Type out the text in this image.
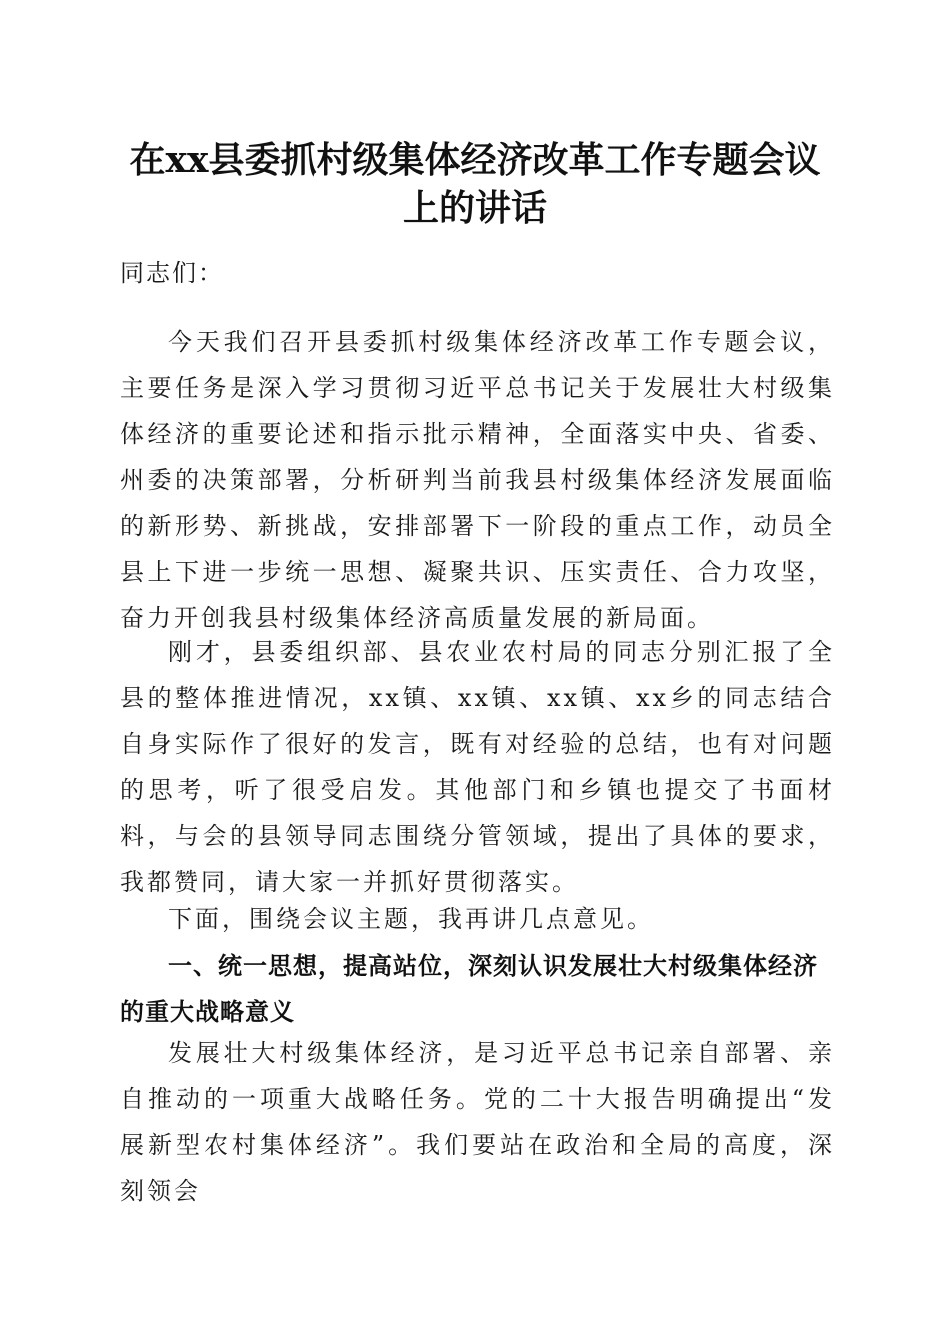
在xx县委抓村级集体经济改革工作专题会议
上的讲话
同志们：
今天我们召开县委抓村级集体经济改革工作专题会议，主要任务是深入学习贯彻习近平总书记关于发展壮大村级集体经济的重要论述和指示批示精神，全面落实中央、省委、州委的决策部署，分析研判当前我县村级集体经济发展面临的新形势、新挑战，安排部署下一阶段的重点工作，动员全县上下进一步统一思想、凝聚共识、压实责任、合力攻坚，奋力开创我县村级集体经济高质量发展的新局面。
刚才，县委组织部、县农业农村局的同志分别汇报了全县的整体推进情况，xx镇、xx镇、xx镇、xx乡的同志结合自身实际作了很好的发言，既有对经验的总结，也有对问题的思考，听了很受启发。其他部门和乡镇也提交了书面材料，与会的县领导同志围绕分管领域，提出了具体的要求，我都赞同，请大家一并抓好贯彻落实。
下面，围绕会议主题，我再讲几点意见。
一、统一思想，提高站位，深刻认识发展壮大村级集体经济的重大战略意义
发展壮大村级集体经济，是习近平总书记亲自部署、亲自推动的一项重大战略任务。党的二十大报告明确提出“发展新型农村集体经济”。我们要站在政治和全局的高度，深刻领会
